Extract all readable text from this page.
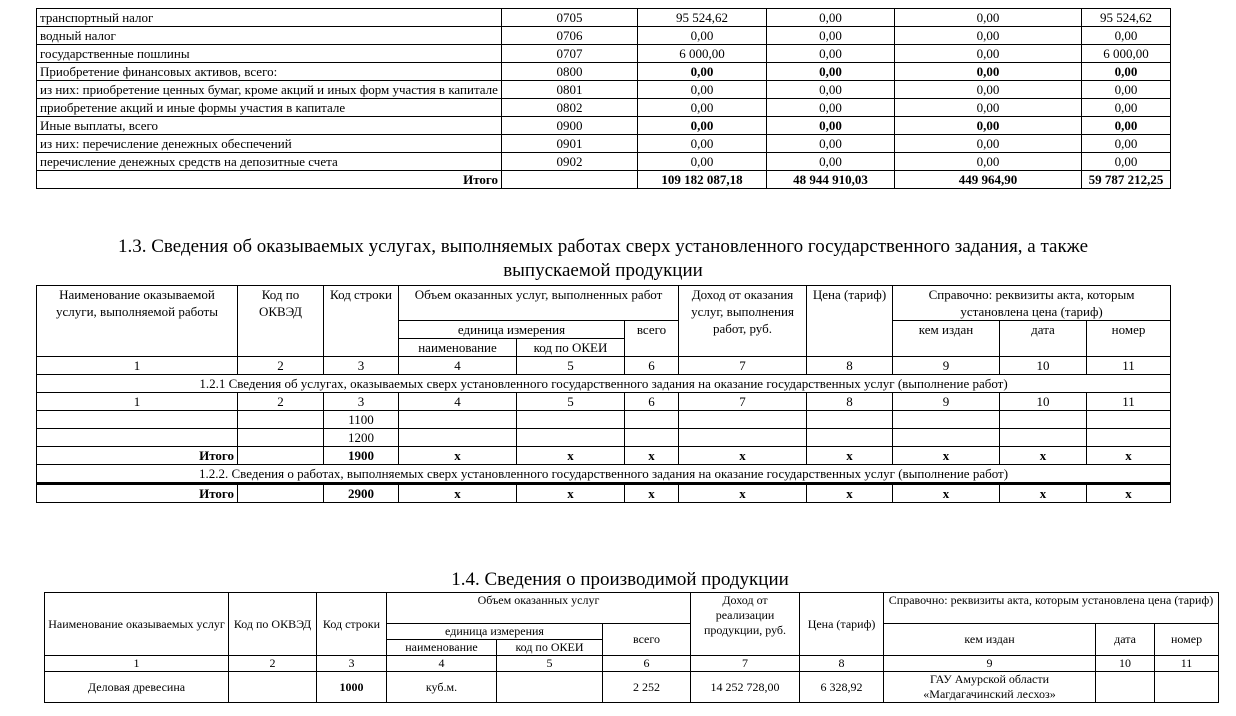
транспортный налог	0705	95 524,62	0,00	0,00	95 524,62
водный налог	0706	0,00	0,00	0,00	0,00
государственные пошлины	0707	6 000,00	0,00	0,00	6 000,00
Приобретение финансовых активов, всего:	0800	0,00	0,00	0,00	0,00
из них: приобретение ценных бумаг, кроме акций и иных форм участия в капитале	0801	0,00	0,00	0,00	0,00
приобретение акций и иные формы участия в капитале	0802	0,00	0,00	0,00	0,00
Иные выплаты, всего	0900	0,00	0,00	0,00	0,00
из них: перечисление денежных обеспечений	0901	0,00	0,00	0,00	0,00
перечисление денежных средств на депозитные счета	0902	0,00	0,00	0,00	0,00
Итого		109 182 087,18	48 944 910,03	449 964,90	59 787 212,25
1.3. Сведения об оказываемых услугах, выполняемых работах сверх установленного государственного задания, а также
выпускаемой продукции
Наименование оказываемой услуги, выполняемой работы	Код по ОКВЭД	Код строки	Объем оказанных услуг, выполненных работ			Доход от оказания услуг, выполнения работ, руб.	Цена (тариф)	Справочно: реквизиты акта, которым установлена цена (тариф)		
			единица измерения		всего			кем издан	дата	номер
			наименование	код по ОКЕИ						
1	2	3	4	5	6	7	8	9	10	11
1.2.1 Сведения об услугах, оказываемых сверх установленного государственного задания на оказание государственных услуг (выполнение работ)										
1	2	3	4	5	6	7	8	9	10	11
		1100								
		1200								
Итого		1900	x	x	x	x	x	x	x	x
1.2.2. Сведения о работах, выполняемых сверх установленного государственного задания на оказание государственных услуг (выполнение работ)										

Итого		2900	x	x	x	x	x	x	x	x
1.4. Сведения о производимой продукции
Наименование оказываемых услуг	Код по ОКВЭД	Код строки	Объем оказанных услуг			Доход от реализации продукции, руб.	Цена (тариф)	Справочно: реквизиты акта, которым установлена цена (тариф)		
			единица измерения		всего			кем издан	дата	номер
			наименование	код по ОКЕИ						
1	2	3	4	5	6	7	8	9	10	11
Деловая древесина		1000	куб.м.		2 252	14 252 728,00	6 328,92	ГАУ Амурской области «Магдагачинский лесхоз»		
